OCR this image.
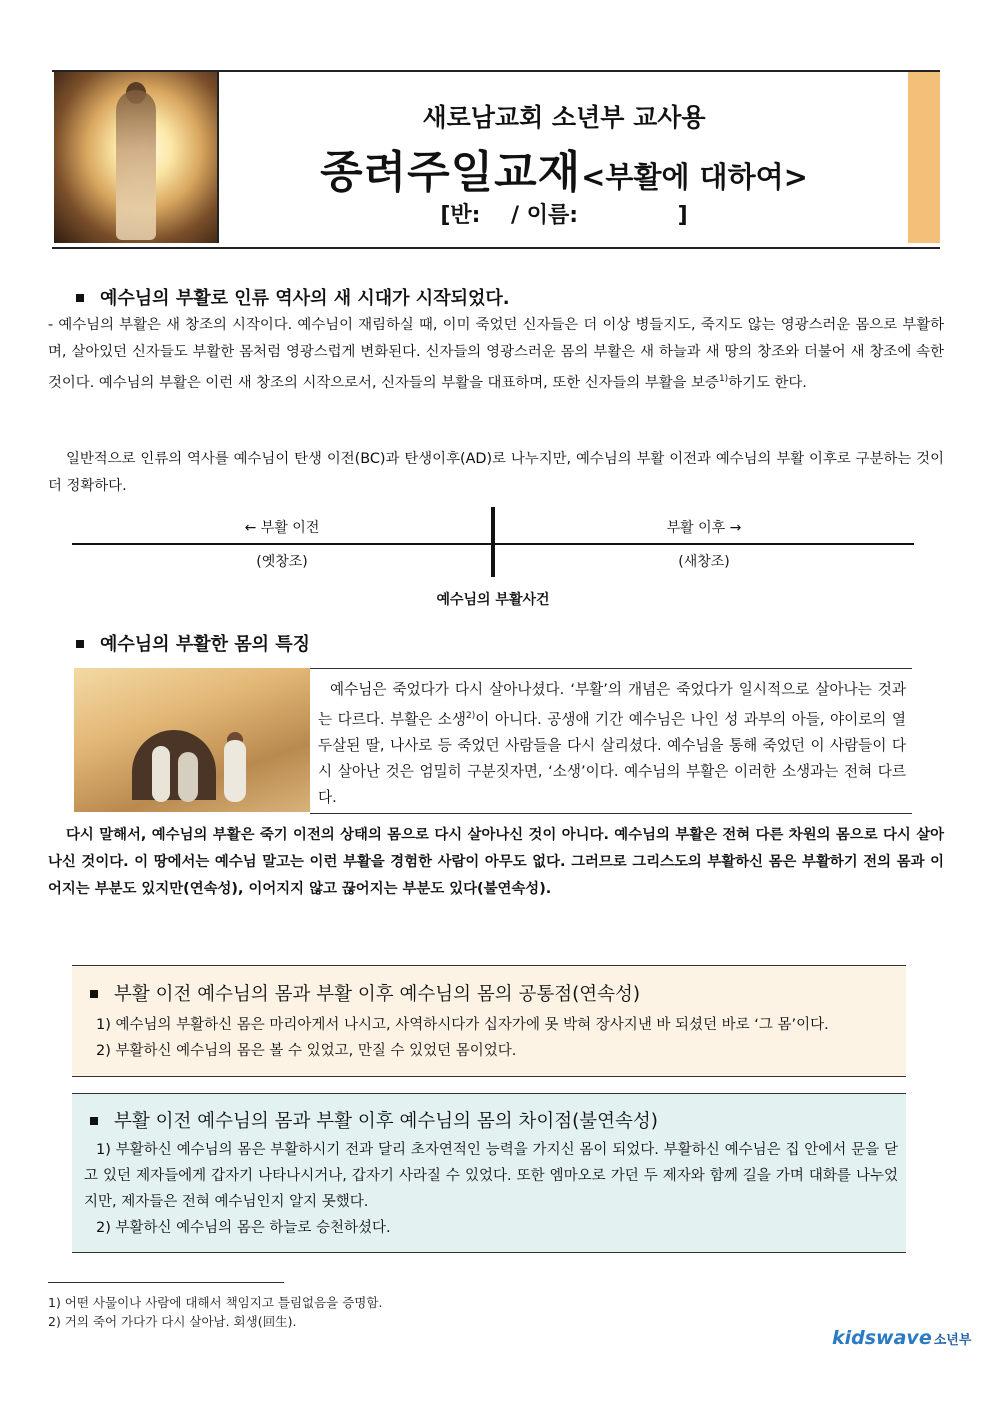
새로남교회 소년부 교사용
종려주일교재<부활에 대하여>
[반:    / 이름:             ]
예수님의 부활로 인류 역사의 새 시대가 시작되었다.

- 예수님의 부활은 새 창조의 시작이다. 예수님이 재림하실 때, 이미 죽었던 신자들은 더 이상 병들지도, 죽지도 않는 영광스러운 몸으로 부활하며, 살아있던 신자들도 부활한 몸처럼 영광스럽게 변화된다. 신자들의 영광스러운 몸의 부활은 새 하늘과 새 땅의 창조와 더불어 새 창조에 속한 것이다. 예수님의 부활은 이런 새 창조의 시작으로서, 신자들의 부활을 대표하며, 또한 신자들의 부활을 보증$^{1)}$하기도 한다.

일반적으로 인류의 역사를 예수님이 탄생 이전(BC)과 탄생이후(AD)로 나누지만, 예수님의 부활 이전과 예수님의 부활 이후로 구분하는 것이 더 정확하다.

← 부활 이전	부활 이후 →
(옛창조)	(새창조)
예수님의 부활사건
예수님의 부활한 몸의 특징

예수님은 죽었다가 다시 살아나셨다. ‘부활’의 개념은 죽었다가 일시적으로 살아나는 것과는 다르다. 부활은 소생$^{2)}$이 아니다. 공생애 기간 예수님은 나인 성 과부의 아들, 야이로의 열두살된 딸, 나사로 등 죽었던 사람들을 다시 살리셨다. 예수님을 통해 죽었던 이 사람들이 다시 살아난 것은 엄밀히 구분짓자면, ‘소생’이다. 예수님의 부활은 이러한 소생과는 전혀 다르다.

다시 말해서, 예수님의 부활은 죽기 이전의 상태의 몸으로 다시 살아나신 것이 아니다. 예수님의 부활은 전혀 다른 차원의 몸으로 다시 살아나신 것이다. 이 땅에서는 예수님 말고는 이런 부활을 경험한 사람이 아무도 없다. 그러므로 그리스도의 부활하신 몸은 부활하기 전의 몸과 이어지는 부분도 있지만(연속성), 이어지지 않고 끊어지는 부분도 있다(불연속성).

부활 이전 예수님의 몸과 부활 이후 예수님의 몸의 공통점(연속성)

1) 예수님의 부활하신 몸은 마리아게서 나시고, 사역하시다가 십자가에 못 박혀 장사지낸 바 되셨던 바로 ‘그 몸’이다.

2) 부활하신 예수님의 몸은 볼 수 있었고, 만질 수 있었던 몸이었다.

부활 이전 예수님의 몸과 부활 이후 예수님의 몸의 차이점(불연속성)

1) 부활하신 예수님의 몸은 부활하시기 전과 달리 초자연적인 능력을 가지신 몸이 되었다. 부활하신 예수님은 집 안에서 문을 닫고 있던 제자들에게 갑자기 나타나시거나, 갑자기 사라질 수 있었다. 또한 엠마오로 가던 두 제자와 함께 길을 가며 대화를 나누었지만, 제자들은 전혀 예수님인지 알지 못했다.

2) 부활하신 예수님의 몸은 하늘로 승천하셨다.

1) 어떤 사물이나 사람에 대해서 책임지고 틀림없음을 증명함.
2) 거의 죽어 가다가 다시 살아남. 회생(回生).
kidswave 소년부
